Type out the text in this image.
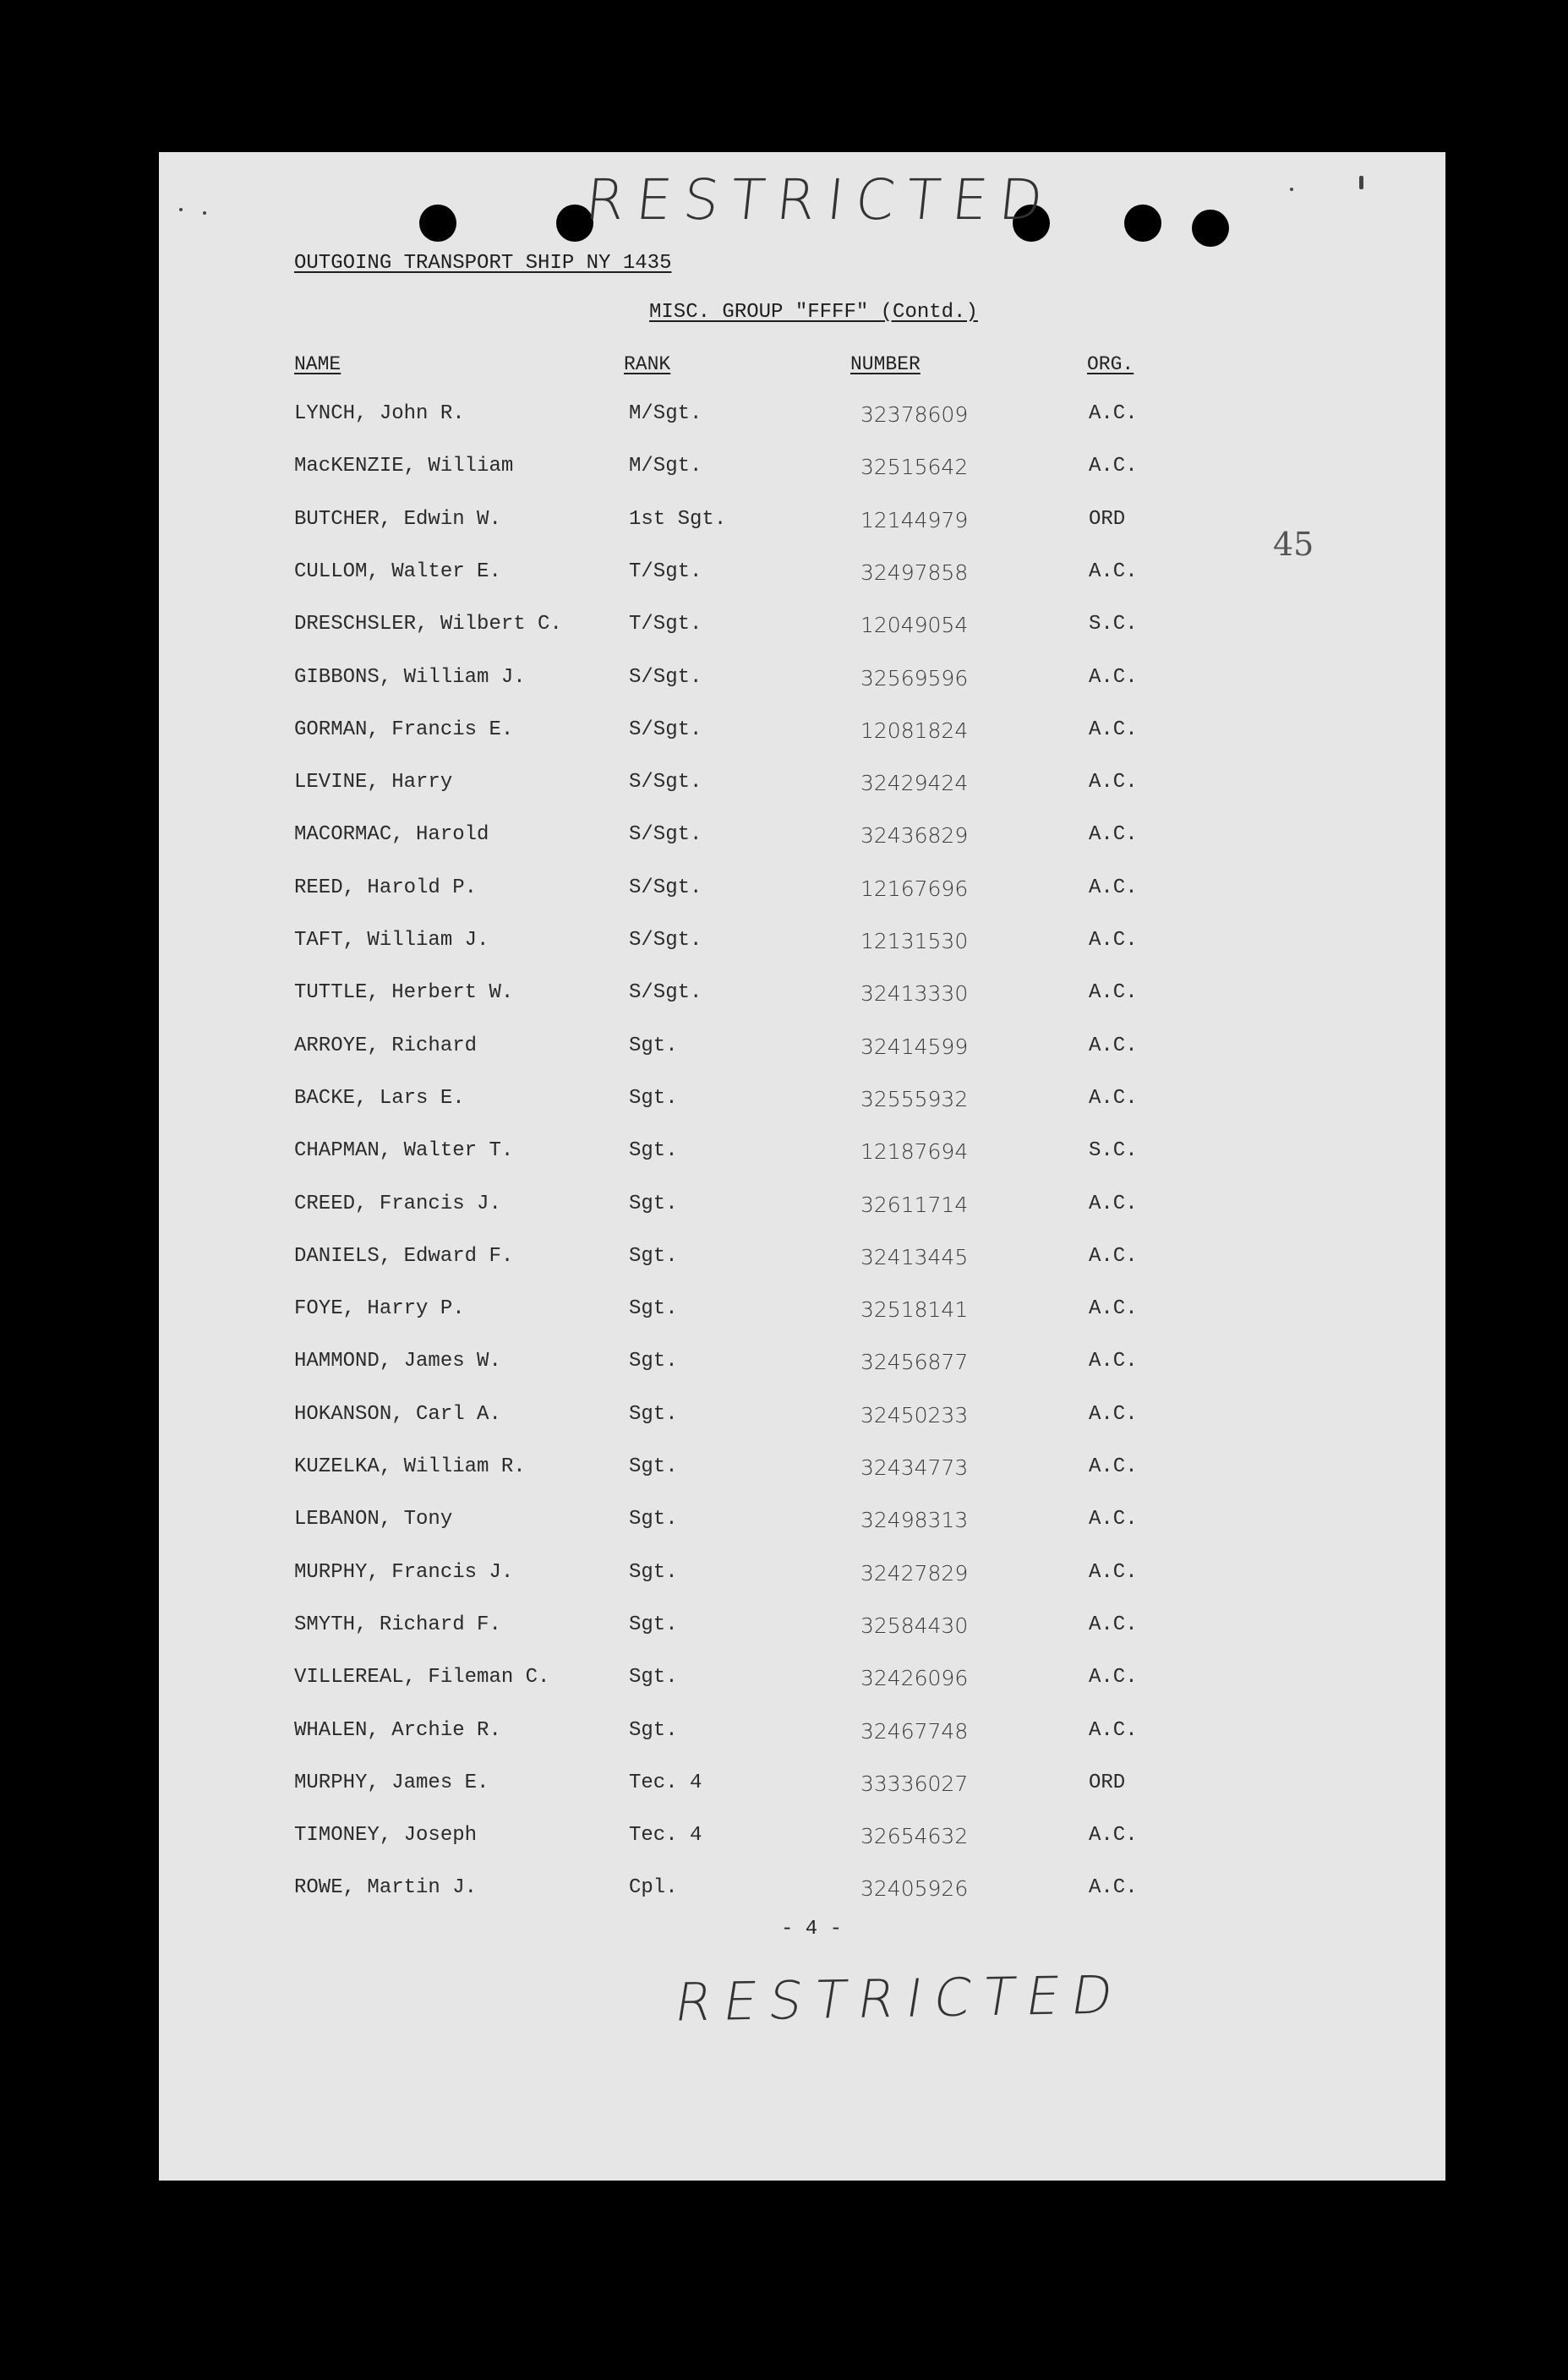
RESTRICTED
45
OUTGOING TRANSPORT SHIP NY 1435
MISC. GROUP "FFFF" (Contd.)
NAME	RANK	NUMBER	ORG.
LYNCH, John R.	M/Sgt.	32378609	A.C.
MacKENZIE, William	M/Sgt.	32515642	A.C.
BUTCHER, Edwin W.	1st Sgt.	12144979	ORD
CULLOM, Walter E.	T/Sgt.	32497858	A.C.
DRESCHSLER, Wilbert C.	T/Sgt.	12049054	S.C.
GIBBONS, William J.	S/Sgt.	32569596	A.C.
GORMAN, Francis E.	S/Sgt.	12081824	A.C.
LEVINE, Harry	S/Sgt.	32429424	A.C.
MACORMAC, Harold	S/Sgt.	32436829	A.C.
REED, Harold P.	S/Sgt.	12167696	A.C.
TAFT, William J.	S/Sgt.	12131530	A.C.
TUTTLE, Herbert W.	S/Sgt.	32413330	A.C.
ARROYE, Richard	Sgt.	32414599	A.C.
BACKE, Lars E.	Sgt.	32555932	A.C.
CHAPMAN, Walter T.	Sgt.	12187694	S.C.
CREED, Francis J.	Sgt.	32611714	A.C.
DANIELS, Edward F.	Sgt.	32413445	A.C.
FOYE, Harry P.	Sgt.	32518141	A.C.
HAMMOND, James W.	Sgt.	32456877	A.C.
HOKANSON, Carl A.	Sgt.	32450233	A.C.
KUZELKA, William R.	Sgt.	32434773	A.C.
LEBANON, Tony	Sgt.	32498313	A.C.
MURPHY, Francis J.	Sgt.	32427829	A.C.
SMYTH, Richard F.	Sgt.	32584430	A.C.
VILLEREAL, Fileman C.	Sgt.	32426096	A.C.
WHALEN, Archie R.	Sgt.	32467748	A.C.
MURPHY, James E.	Tec. 4	33336027	ORD
TIMONEY, Joseph	Tec. 4	32654632	A.C.
ROWE, Martin J.	Cpl.	32405926	A.C.
- 4 -
RESTRICTED
